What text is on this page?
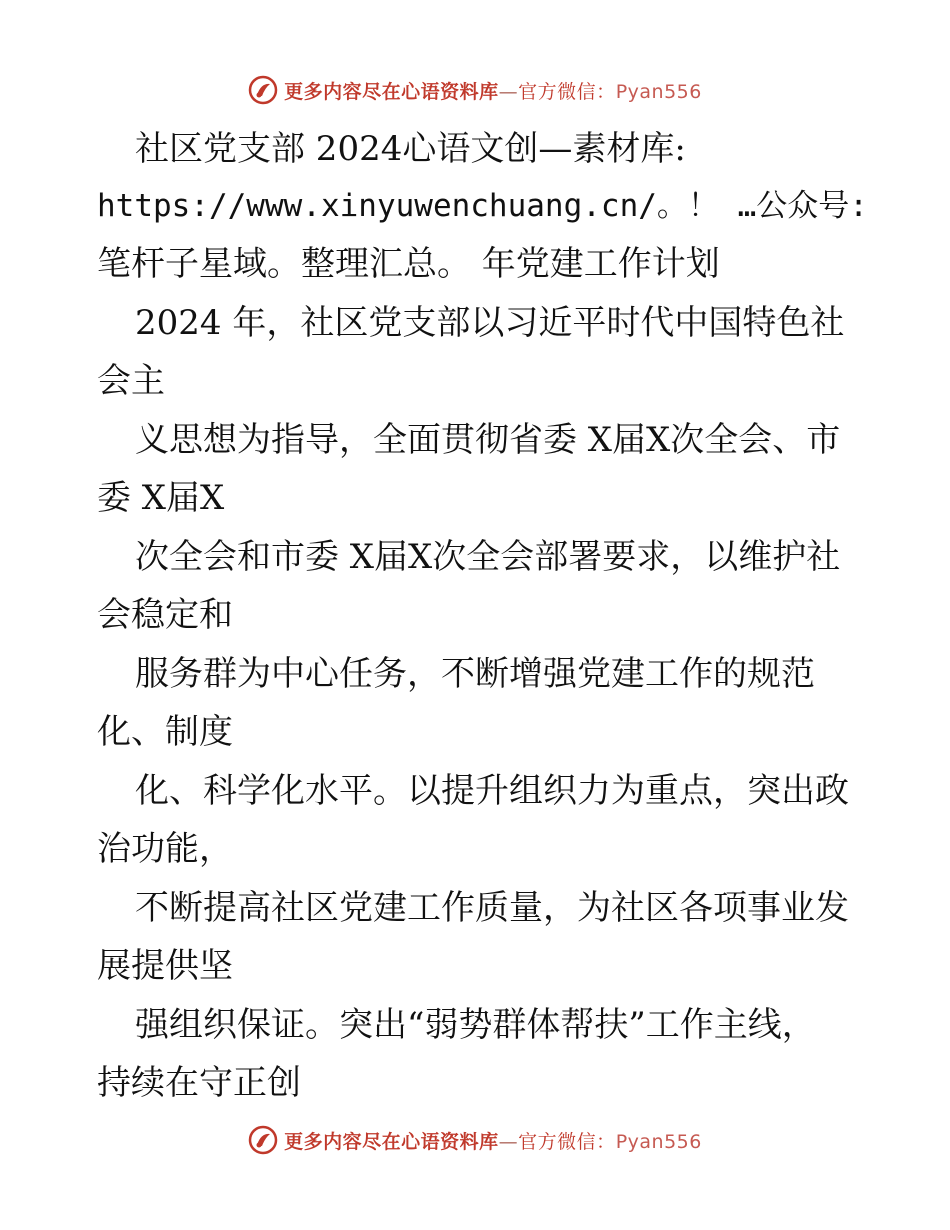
更多内容尽在心语资料库—官方微信：Pyan556
社区党支部 2024心语文创—素材库:
https://www.xinyuwenchuang.cn/。！ …公众号:
笔杆子星域。整理汇总。 年党建工作计划
2024 年，社区党支部以习近平时代中国特色社
会主
义思想为指导，全面贯彻省委 X届X次全会、市
委 X届X
次全会和市委 X届X次全会部署要求，以维护社
会稳定和
服务群为中心任务，不断增强党建工作的规范
化、制度
化、科学化水平。以提升组织力为重点，突出政
治功能，
不断提高社区党建工作质量，为社区各项事业发
展提供坚
强组织保证。突出“弱势群体帮扶”工作主线，
持续在守正创
更多内容尽在心语资料库—官方微信：Pyan556
